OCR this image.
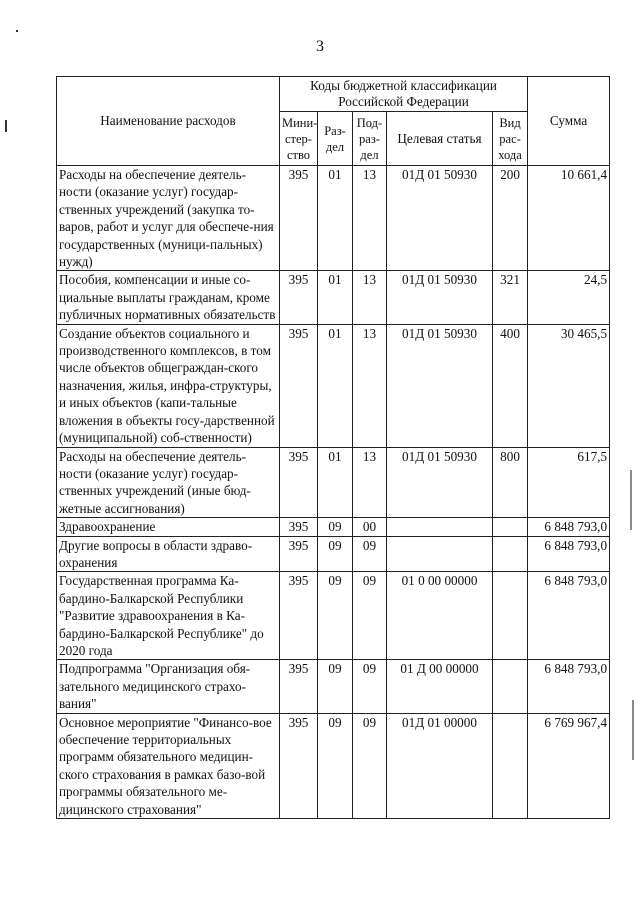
3
Наименование расходов	Коды бюджетной классификации Российской Федерации					Сумма
	Мини-стер-ство	Раз-дел	Под-раз-дел	Целевая статья	Вид рас-хода	
Расходы на обеспечение деятель-ности (оказание услуг) государ-ственных учреждений (закупка то-варов, работ и услуг для обеспече-ния государственных (муници-пальных) нужд)	395	01	13	01Д 01 50930	200	10 661,4
Пособия, компенсации и иные со-циальные выплаты гражданам, кроме публичных нормативных обязательств	395	01	13	01Д 01 50930	321	24,5
Создание объектов социального и производственного комплексов, в том числе объектов общеграждан-ского назначения, жилья, инфра-структуры, и иных объектов (капи-тальные вложения в объекты госу-дарственной (муниципальной) соб-ственности)	395	01	13	01Д 01 50930	400	30 465,5
Расходы на обеспечение деятель-ности (оказание услуг) государ-ственных учреждений (иные бюд-жетные ассигнования)	395	01	13	01Д 01 50930	800	617,5
Здравоохранение	395	09	00			6 848 793,0
Другие вопросы в области здраво-охранения	395	09	09			6 848 793,0
Государственная программа Ка-бардино-Балкарской Республики "Развитие здравоохранения в Ка-бардино-Балкарской Республике" до 2020 года	395	09	09	01 0 00 00000		6 848 793,0
Подпрограмма "Организация обя-зательного медицинского страхо-вания"	395	09	09	01 Д 00 00000		6 848 793,0
Основное мероприятие "Финансо-вое обеспечение территориальных программ обязательного медицин-ского страхования в рамках базо-вой программы обязательного ме-дицинского страхования"	395	09	09	01Д 01 00000		6 769 967,4
